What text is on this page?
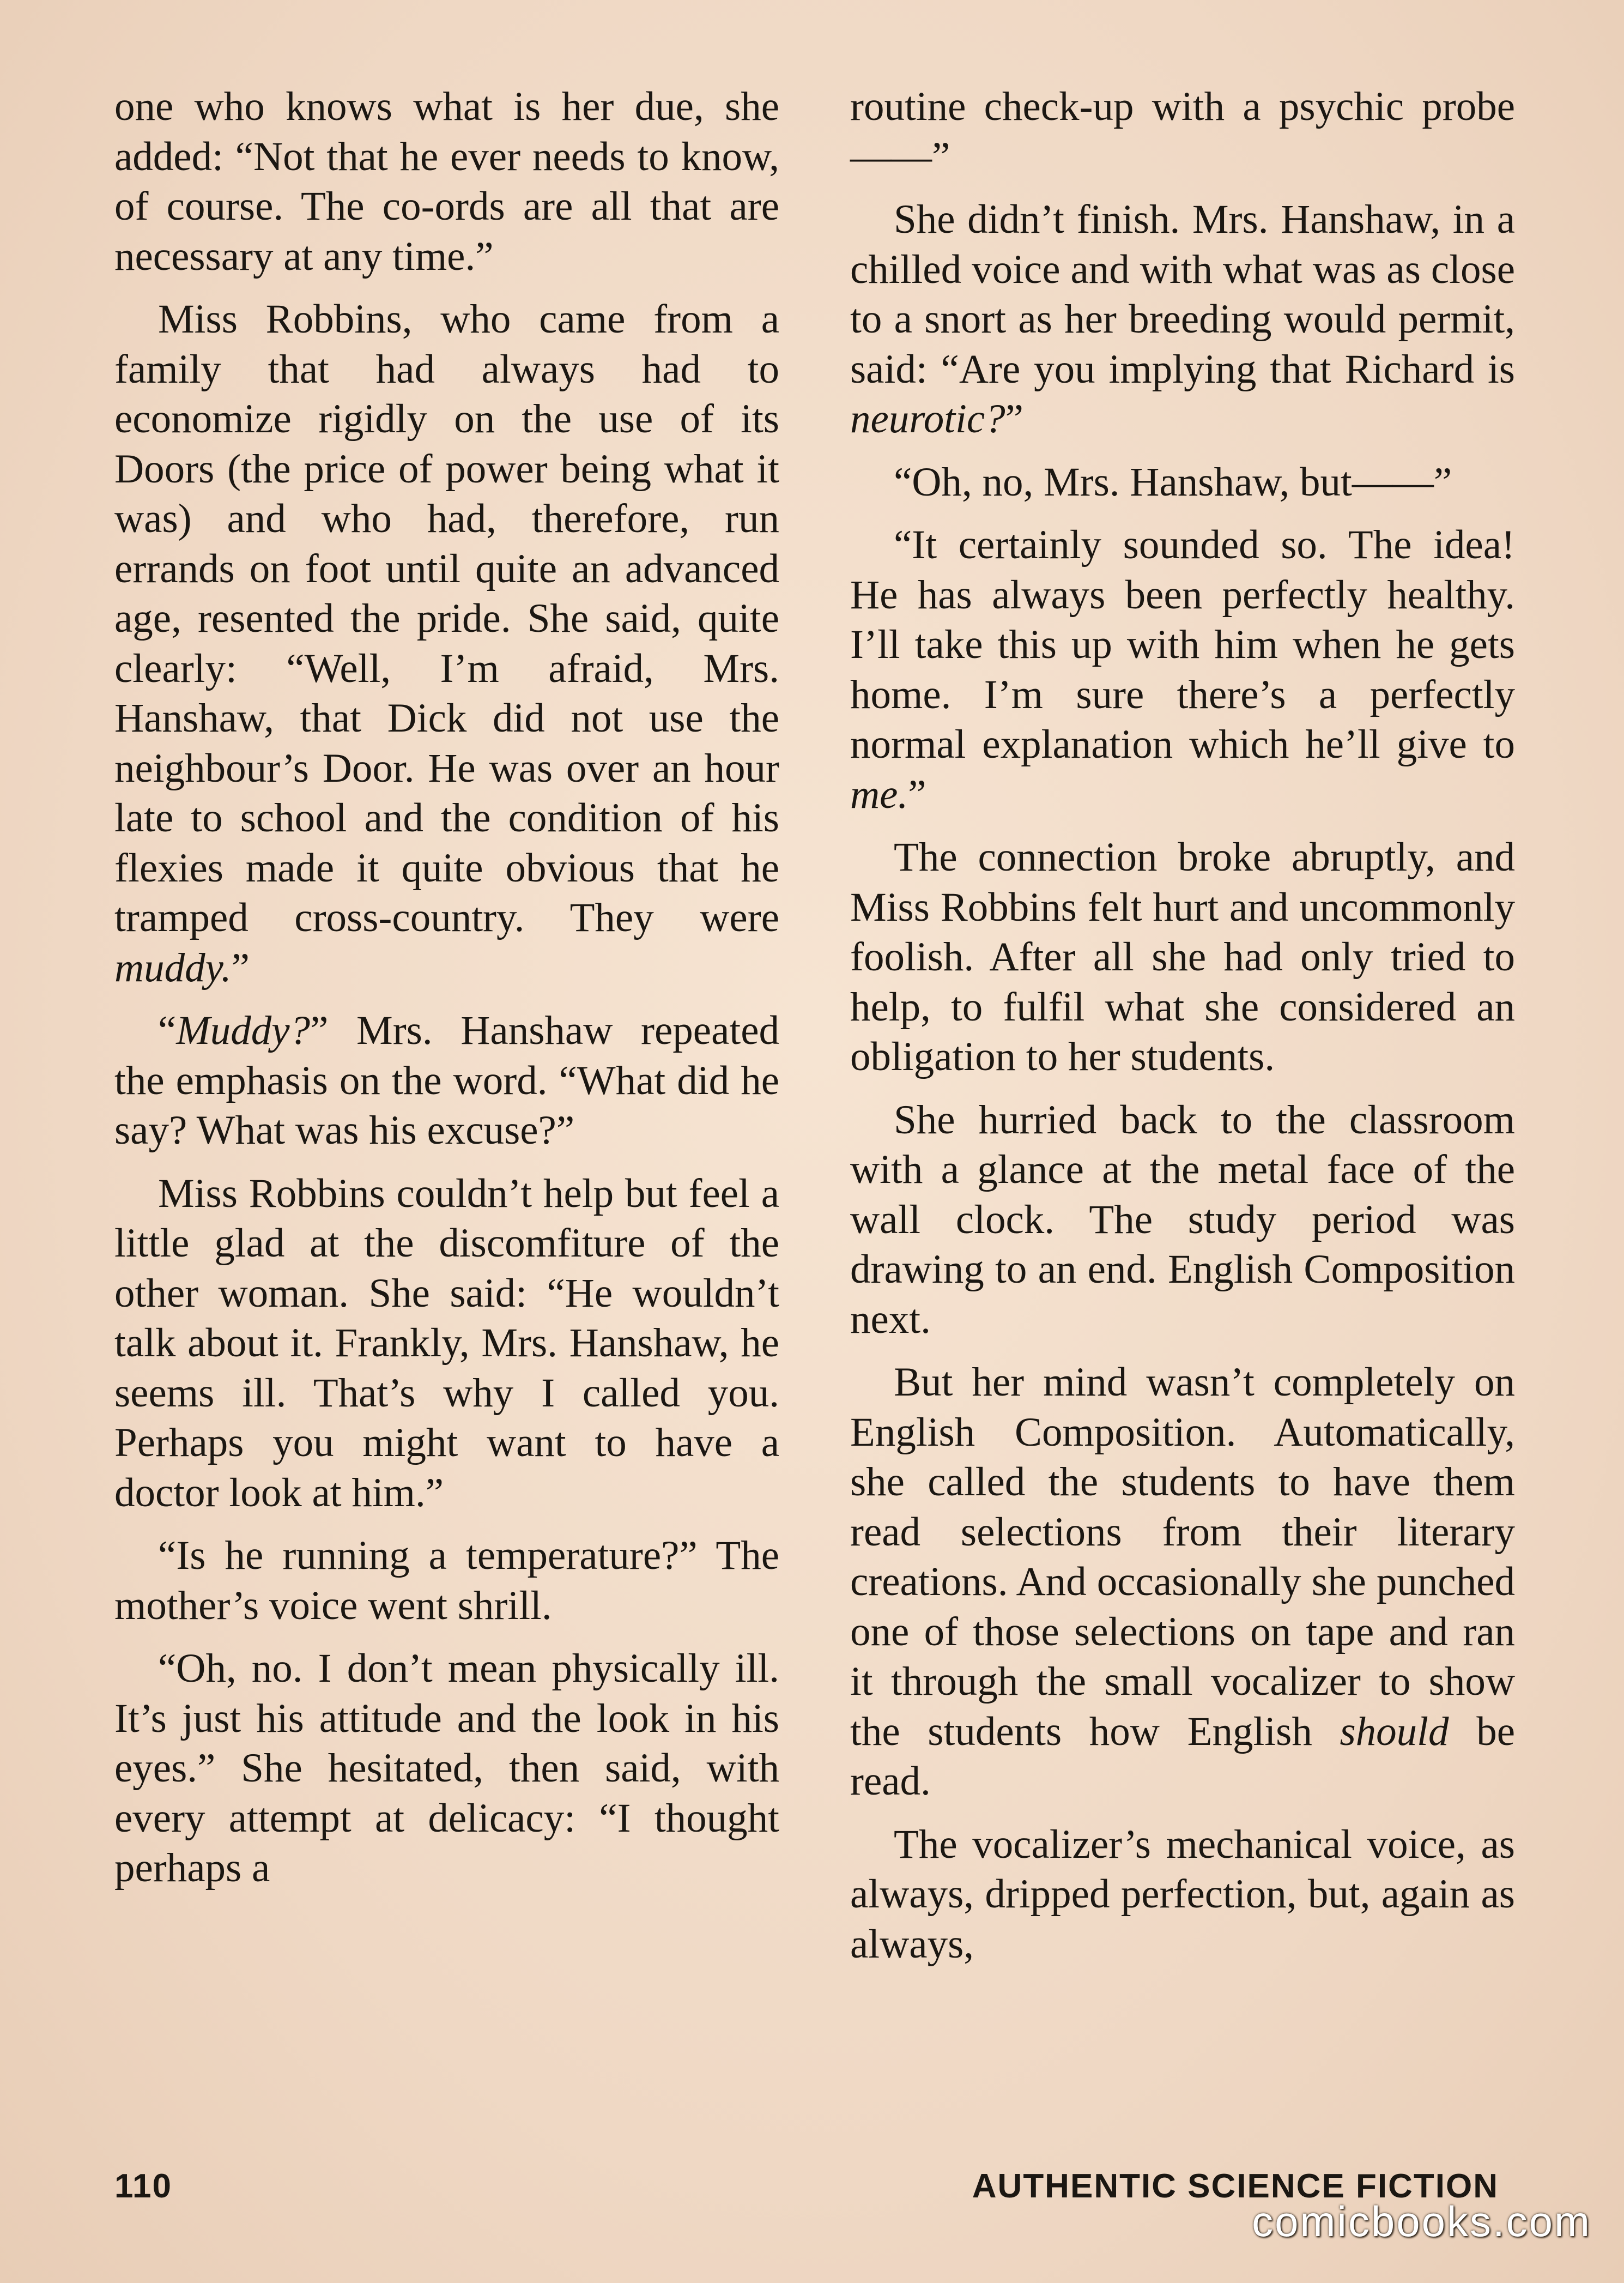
one who knows what is her due, she added: “Not that he ever needs to know, of course. The co-ords are all that are necessary at any time.”

Miss Robbins, who came from a family that had always had to economize rigidly on the use of its Doors (the price of power being what it was) and who had, therefore, run errands on foot until quite an advanced age, resented the pride. She said, quite clearly: “Well, I’m afraid, Mrs. Hanshaw, that Dick did not use the neighbour’s Door. He was over an hour late to school and the condition of his flexies made it quite obvious that he tramped cross-country. They were muddy.”

“Muddy?” Mrs. Hanshaw repeated the emphasis on the word. “What did he say? What was his excuse?”

Miss Robbins couldn’t help but feel a little glad at the discomfiture of the other woman. She said: “He wouldn’t talk about it. Frankly, Mrs. Hanshaw, he seems ill. That’s why I called you. Perhaps you might want to have a doctor look at him.”

“Is he running a temperature?” The mother’s voice went shrill.

“Oh, no. I don’t mean physically ill. It’s just his attitude and the look in his eyes.” She hesitated, then said, with every attempt at delicacy: “I thought perhaps a

routine check-up with a psychic probe——”

She didn’t finish. Mrs. Hanshaw, in a chilled voice and with what was as close to a snort as her breeding would permit, said: “Are you implying that Richard is neurotic?”

“Oh, no, Mrs. Hanshaw, but——”

“It certainly sounded so. The idea! He has always been perfectly healthy. I’ll take this up with him when he gets home. I’m sure there’s a perfectly normal explanation which he’ll give to me.”

The connection broke abruptly, and Miss Robbins felt hurt and uncommonly foolish. After all she had only tried to help, to fulfil what she considered an obligation to her students.

She hurried back to the classroom with a glance at the metal face of the wall clock. The study period was drawing to an end. English Composition next.

But her mind wasn’t completely on English Composition. Automatically, she called the students to have them read selections from their literary creations. And occasionally she punched one of those selections on tape and ran it through the small vocalizer to show the students how English should be read.

The vocalizer’s mechanical voice, as always, dripped perfection, but, again as always,

110	AUTHENTIC SCIENCE FICTION
comicbooks.com
